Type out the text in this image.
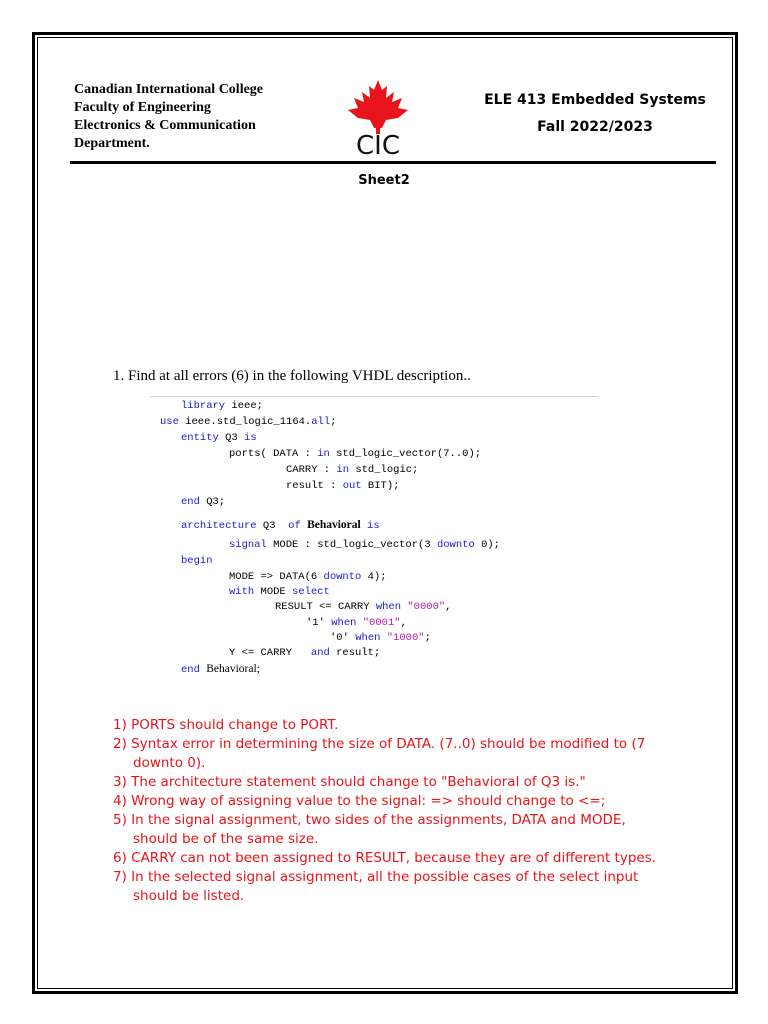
Canadian International College
Faculty of Engineering
Electronics & Communication
Department.	CIC
ELE 413 Embedded Systems
Fall 2022/2023
Sheet2
1. Find at all errors (6) in the following VHDL description..
library ieee;
use ieee.std_logic_1164.all;
entity Q3 is
ports( DATA : in std_logic_vector(7..0);
CARRY : in std_logic;
result : out BIT);
end Q3;
architecture Q3  of Behavioral is
signal MODE : std_logic_vector(3 downto 0);
begin
MODE => DATA(6 downto 4);
with MODE select
RESULT <= CARRY when "0000",
'1' when "0001",
'0' when "1000";
Y <= CARRY   and result;
end Behavioral;
1) PORTS should change to PORT.
2) Syntax error in determining the size of DATA. (7..0) should be modified to (7 downto 0).
3) The architecture statement should change to "Behavioral of Q3 is."
4) Wrong way of assigning value to the signal: => should change to <=;
5) In the signal assignment, two sides of the assignments, DATA and MODE, should be of the same size.
6) CARRY can not been assigned to RESULT, because they are of different types.
7) In the selected signal assignment, all the possible cases of the select input should be listed.
